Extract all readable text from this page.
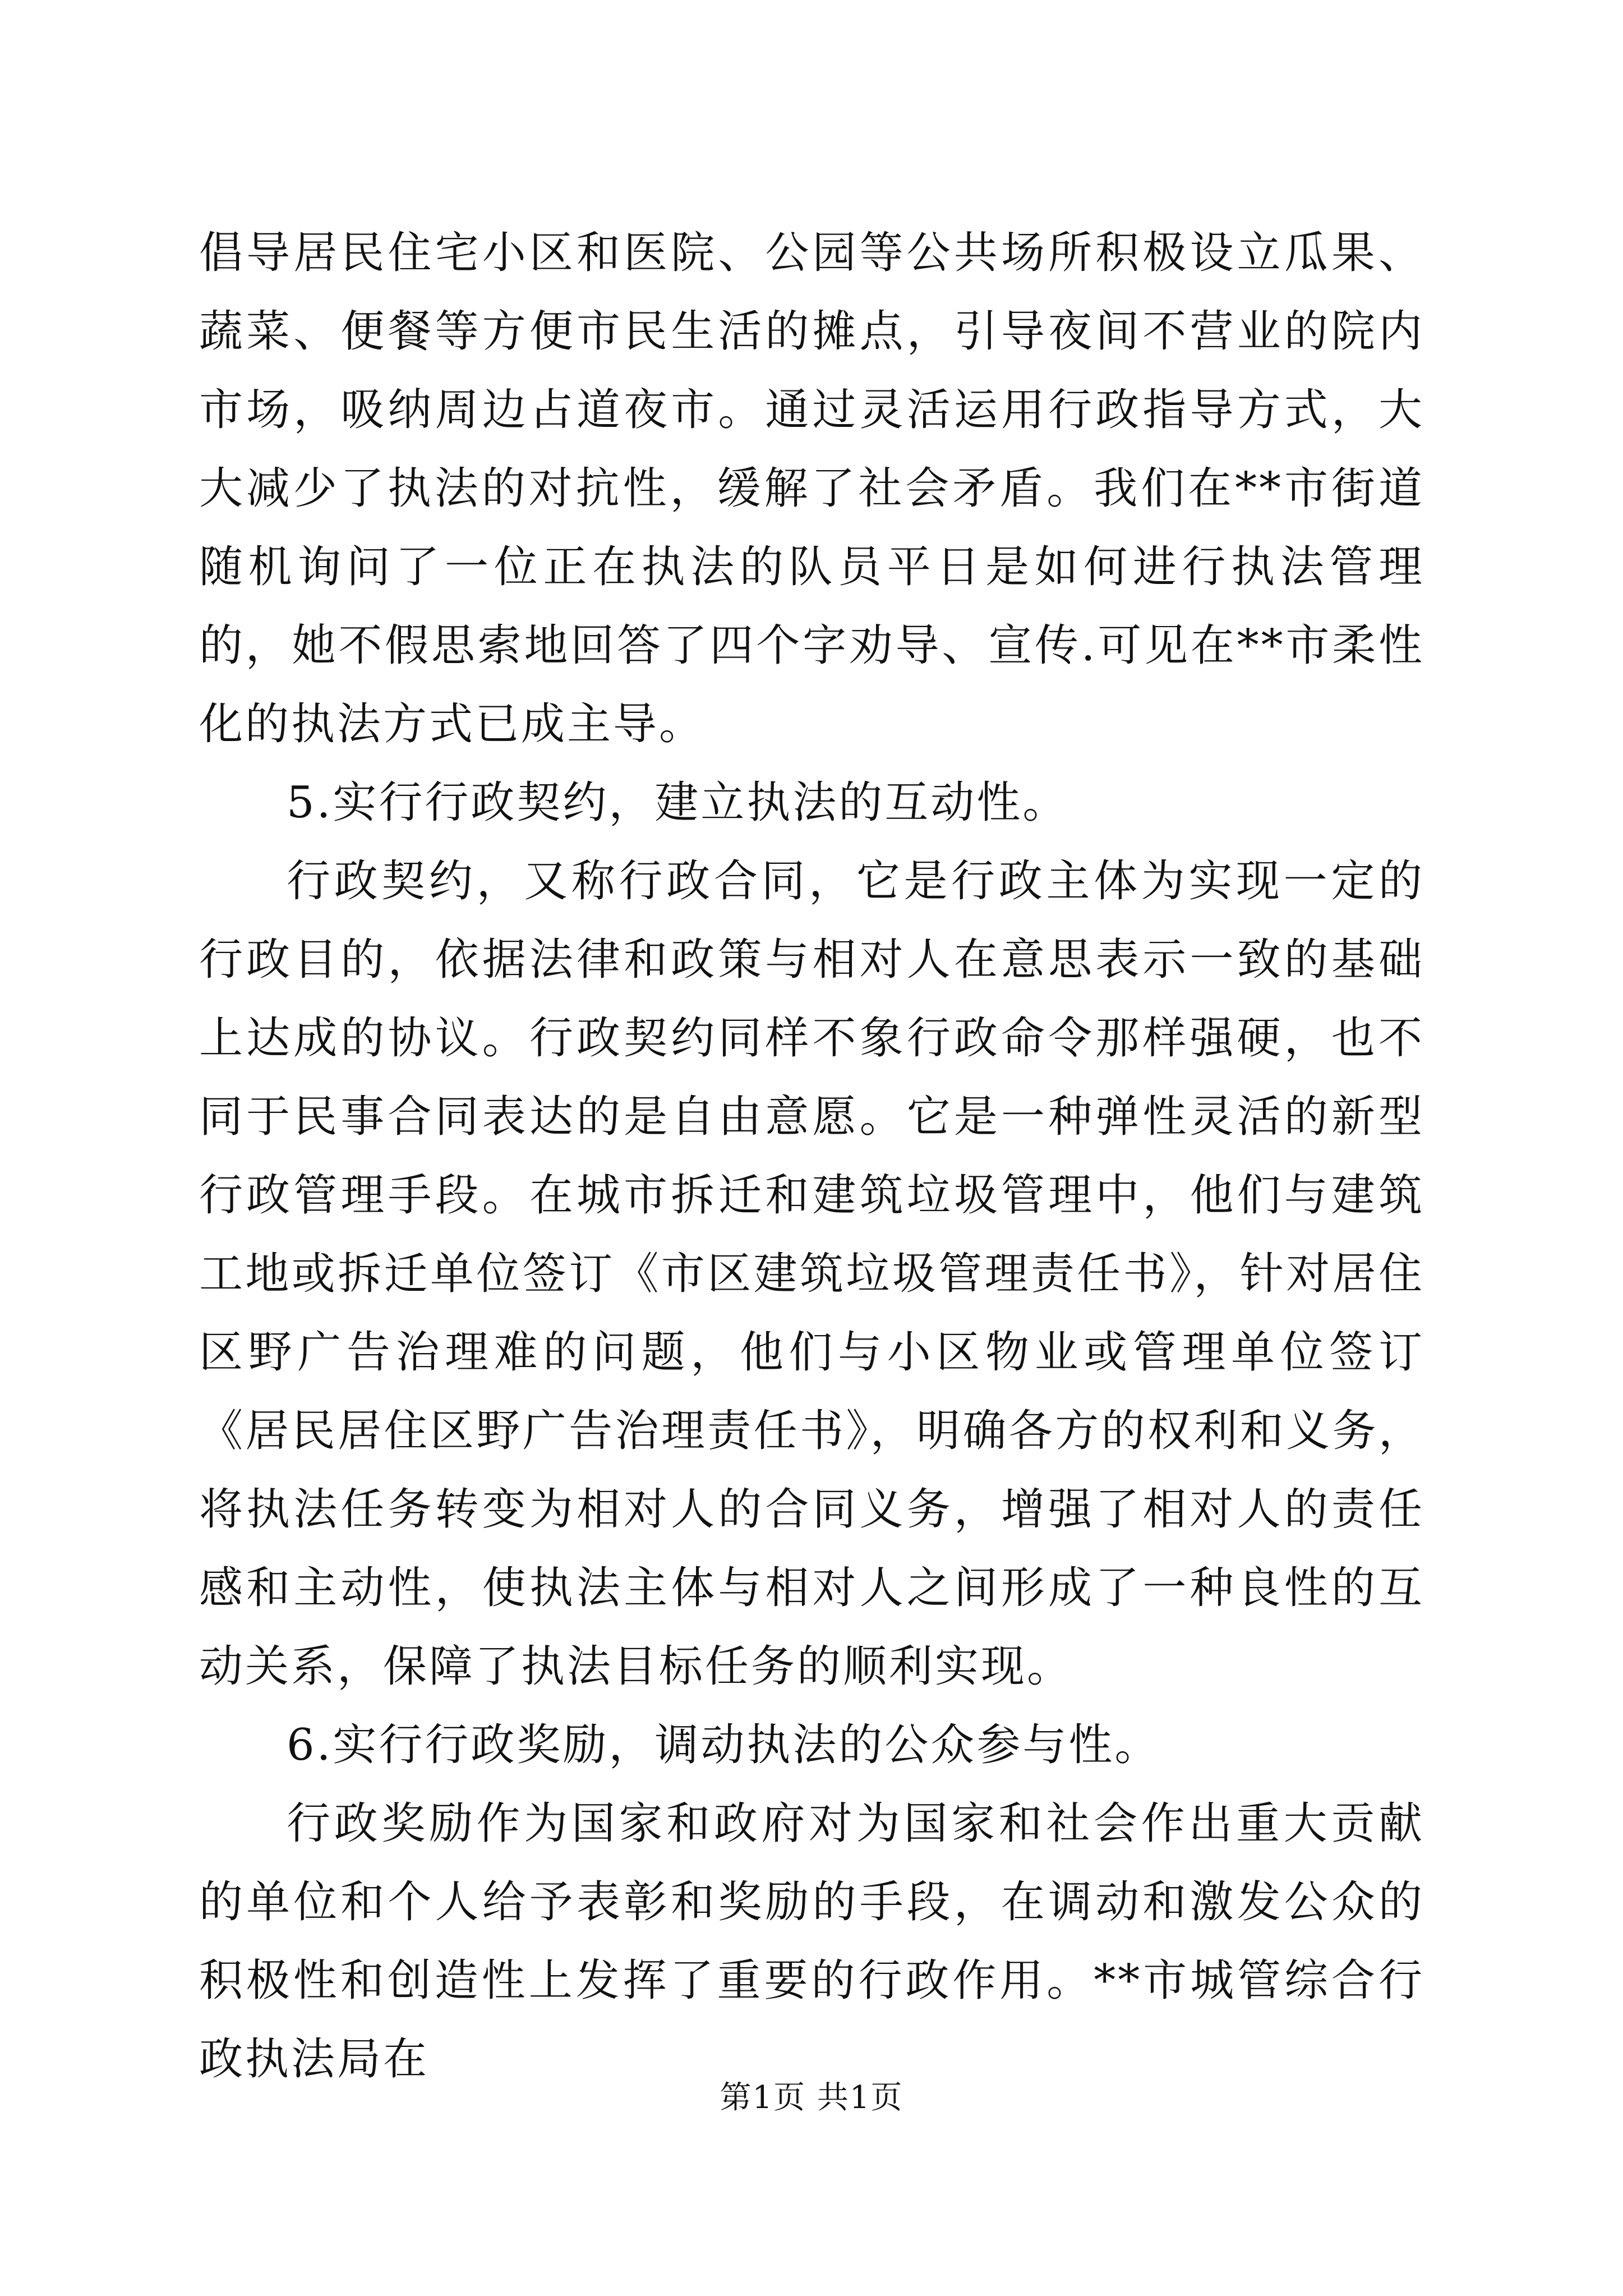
倡导居民住宅小区和医院、公园等公共场所积极设立瓜果、蔬菜、便餐等方便市民生活的摊点，引导夜间不营业的院内市场，吸纳周边占道夜市。通过灵活运用行政指导方式，大大减少了执法的对抗性，缓解了社会矛盾。我们在**市街道随机询问了一位正在执法的队员平日是如何进行执法管理的，她不假思索地回答了四个字劝导、宣传.可见在**市柔性化的执法方式已成主导。

5.实行行政契约，建立执法的互动性。

行政契约，又称行政合同，它是行政主体为实现一定的行政目的，依据法律和政策与相对人在意思表示一致的基础上达成的协议。行政契约同样不象行政命令那样强硬，也不同于民事合同表达的是自由意愿。它是一种弹性灵活的新型行政管理手段。在城市拆迁和建筑垃圾管理中，他们与建筑工地或拆迁单位签订《市区建筑垃圾管理责任书》，针对居住区野广告治理难的问题，他们与小区物业或管理单位签订《居民居住区野广告治理责任书》，明确各方的权利和义务，将执法任务转变为相对人的合同义务，增强了相对人的责任感和主动性，使执法主体与相对人之间形成了一种良性的互动关系，保障了执法目标任务的顺利实现。

6.实行行政奖励，调动执法的公众参与性。

行政奖励作为国家和政府对为国家和社会作出重大贡献的单位和个人给予表彰和奖励的手段，在调动和激发公众的积极性和创造性上发挥了重要的行政作用。**市城管综合行政执法局在

第1页 共1页
